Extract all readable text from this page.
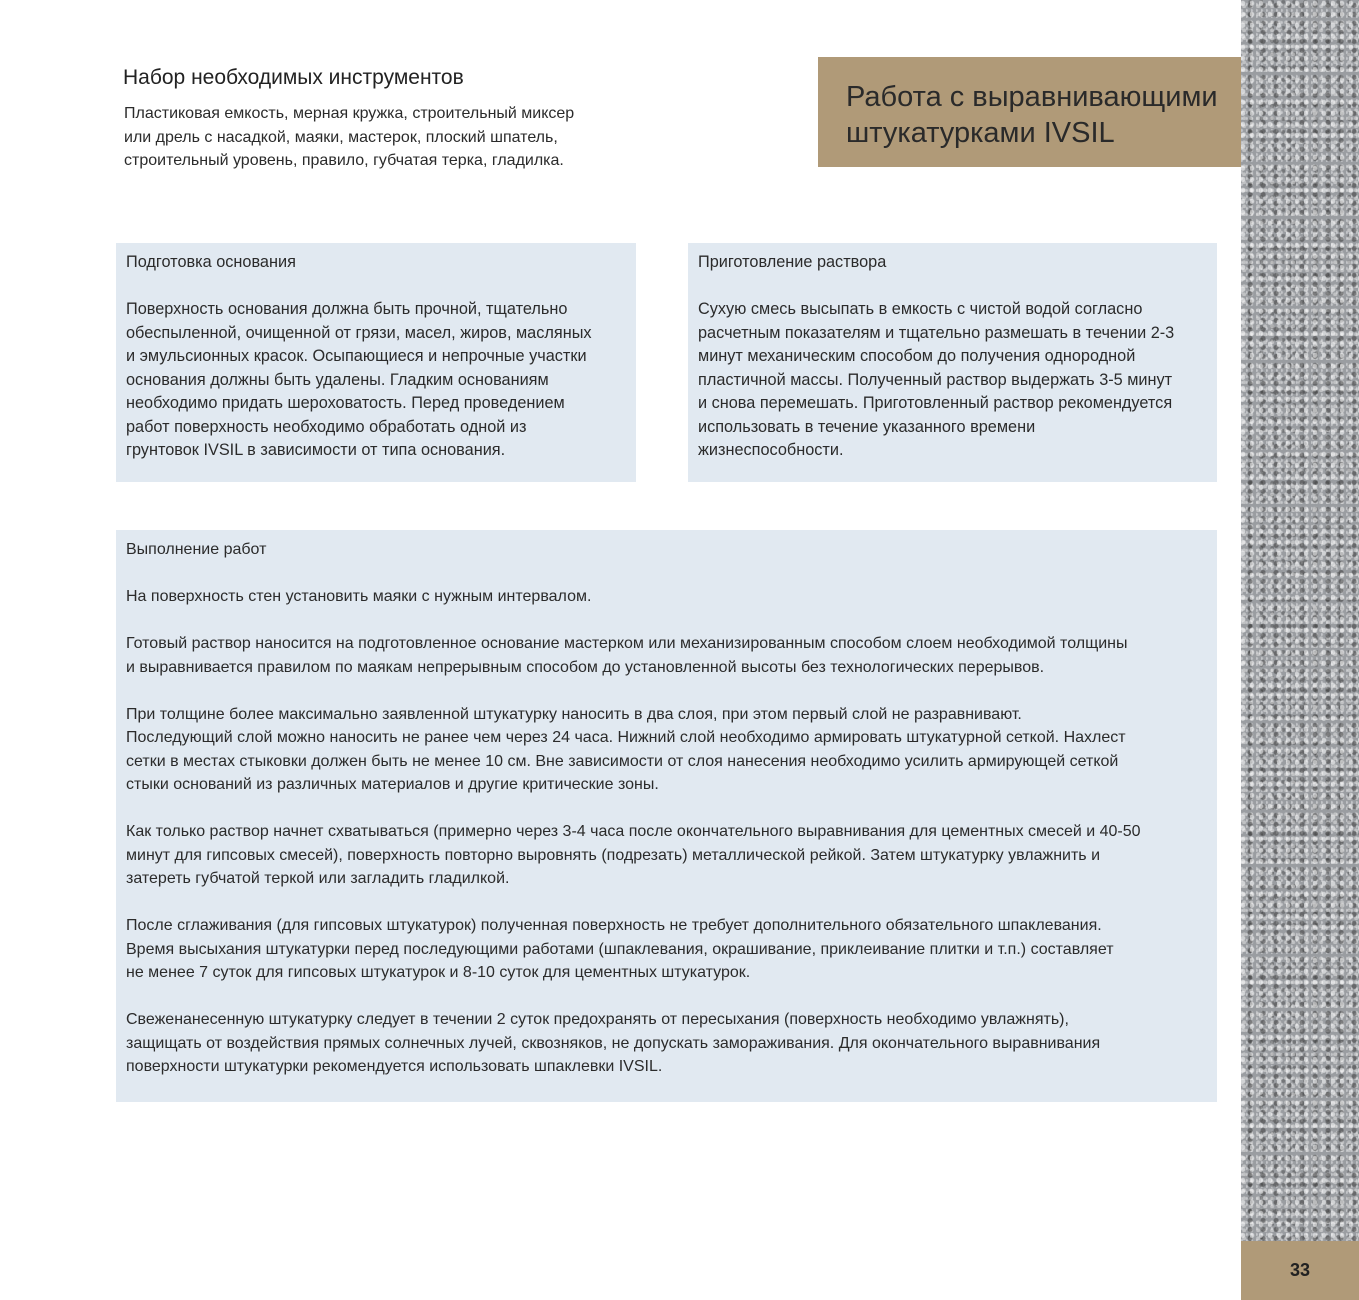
33
Работа с выравнивающими
штукатурками IVSIL
Набор необходимых инструментов
Пластиковая емкость, мерная кружка, строительный миксер
или дрель с насадкой, маяки, мастерок, плоский шпатель,
строительный уровень, правило, губчатая терка, гладилка.
Подготовка основания
Поверхность основания должна быть прочной, тщательно
обеспыленной, очищенной от грязи, масел, жиров, масляных
и эмульсионных красок. Осыпающиеся и непрочные участки
основания должны быть удалены. Гладким основаниям
необходимо придать шероховатость. Перед проведением
работ поверхность необходимо обработать одной из
грунтовок IVSIL в зависимости от типа основания.
Приготовление раствора
Сухую смесь высыпать в емкость с чистой водой согласно
расчетным показателям и тщательно размешать в течении 2-3
минут механическим способом до получения однородной
пластичной массы. Полученный раствор выдержать 3-5 минут
и снова перемешать. Приготовленный раствор рекомендуется
использовать в течение указанного времени
жизнеспособности.
Выполнение работ
На поверхность стен установить маяки с нужным интервалом.
Готовый раствор наносится на подготовленное основание мастерком или механизированным способом слоем необходимой толщины
и выравнивается правилом по маякам непрерывным способом до установленной высоты без технологических перерывов.
При толщине более максимально заявленной штукатурку наносить в два слоя, при этом первый слой не разравнивают.
Последующий слой можно наносить не ранее чем через 24 часа. Нижний слой необходимо армировать штукатурной сеткой. Нахлест
сетки в местах стыковки должен быть не менее 10 см. Вне зависимости от слоя нанесения необходимо усилить армирующей сеткой
стыки оснований из различных материалов и другие критические зоны.
Как только раствор начнет схватываться (примерно через 3-4 часа после окончательного выравнивания для цементных смесей и 40-50
минут для гипсовых смесей), поверхность повторно выровнять (подрезать) металлической рейкой. Затем штукатурку увлажнить и
затереть губчатой теркой или загладить гладилкой.
После сглаживания (для гипсовых штукатурок) полученная поверхность не требует дополнительного обязательного шпаклевания.
Время высыхания штукатурки перед последующими работами (шпаклевания, окрашивание, приклеивание плитки и т.п.) составляет
не менее 7 суток для гипсовых штукатурок и 8-10 суток для цементных штукатурок.
Свеженанесенную штукатурку следует в течении 2 суток предохранять от пересыхания (поверхность необходимо увлажнять),
защищать от воздействия прямых солнечных лучей, сквозняков, не допускать замораживания. Для окончательного выравнивания
поверхности штукатурки рекомендуется использовать шпаклевки IVSIL.
